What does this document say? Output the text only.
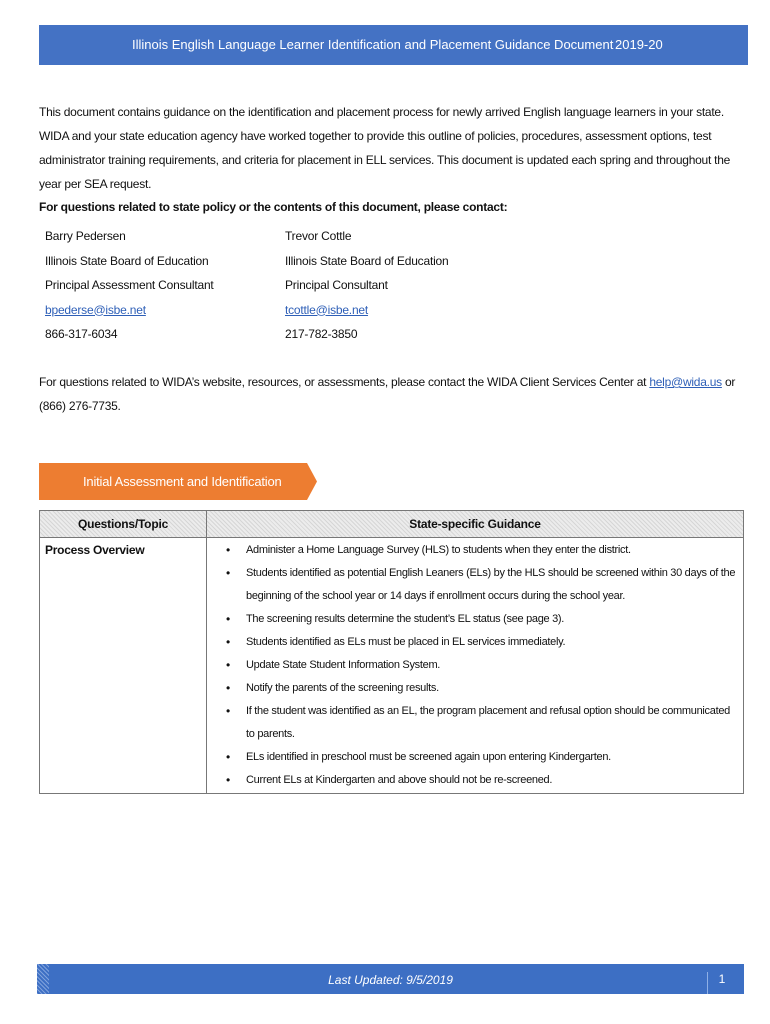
Illinois English Language Learner Identification and Placement Guidance Document 2019-20
This document contains guidance on the identification and placement process for newly arrived English language learners in your state. WIDA and your state education agency have worked together to provide this outline of policies, procedures, assessment options, test administrator training requirements, and criteria for placement in ELL services. This document is updated each spring and throughout the year per SEA request.
For questions related to state policy or the contents of this document, please contact:
Barry Pedersen
Illinois State Board of Education
Principal Assessment Consultant
bpederse@isbe.net
866-317-6034
Trevor Cottle
Illinois State Board of Education
Principal Consultant
tcottle@isbe.net
217-782-3850
For questions related to WIDA’s website, resources, or assessments, please contact the WIDA Client Services Center at help@wida.us or (866) 276-7735.
Initial Assessment and Identification
Questions/Topic	State-specific Guidance
Process Overview
•	Administer a Home Language Survey (HLS) to students when they enter the district.
• Students identified as potential English Leaners (ELs) by the HLS should be screened within 30 days of the beginning of the school year or 14 days if enrollment occurs during the school year.
• The screening results determine the student’s EL status (see page 3).
• Students identified as ELs must be placed in EL services immediately.
• Update State Student Information System.
• Notify the parents of the screening results.
• If the student was identified as an EL, the program placement and refusal option should be communicated to parents.
• ELs identified in preschool must be screened again upon entering Kindergarten.
• Current ELs at Kindergarten and above should not be re-screened.
Last Updated: 9/5/2019	1
